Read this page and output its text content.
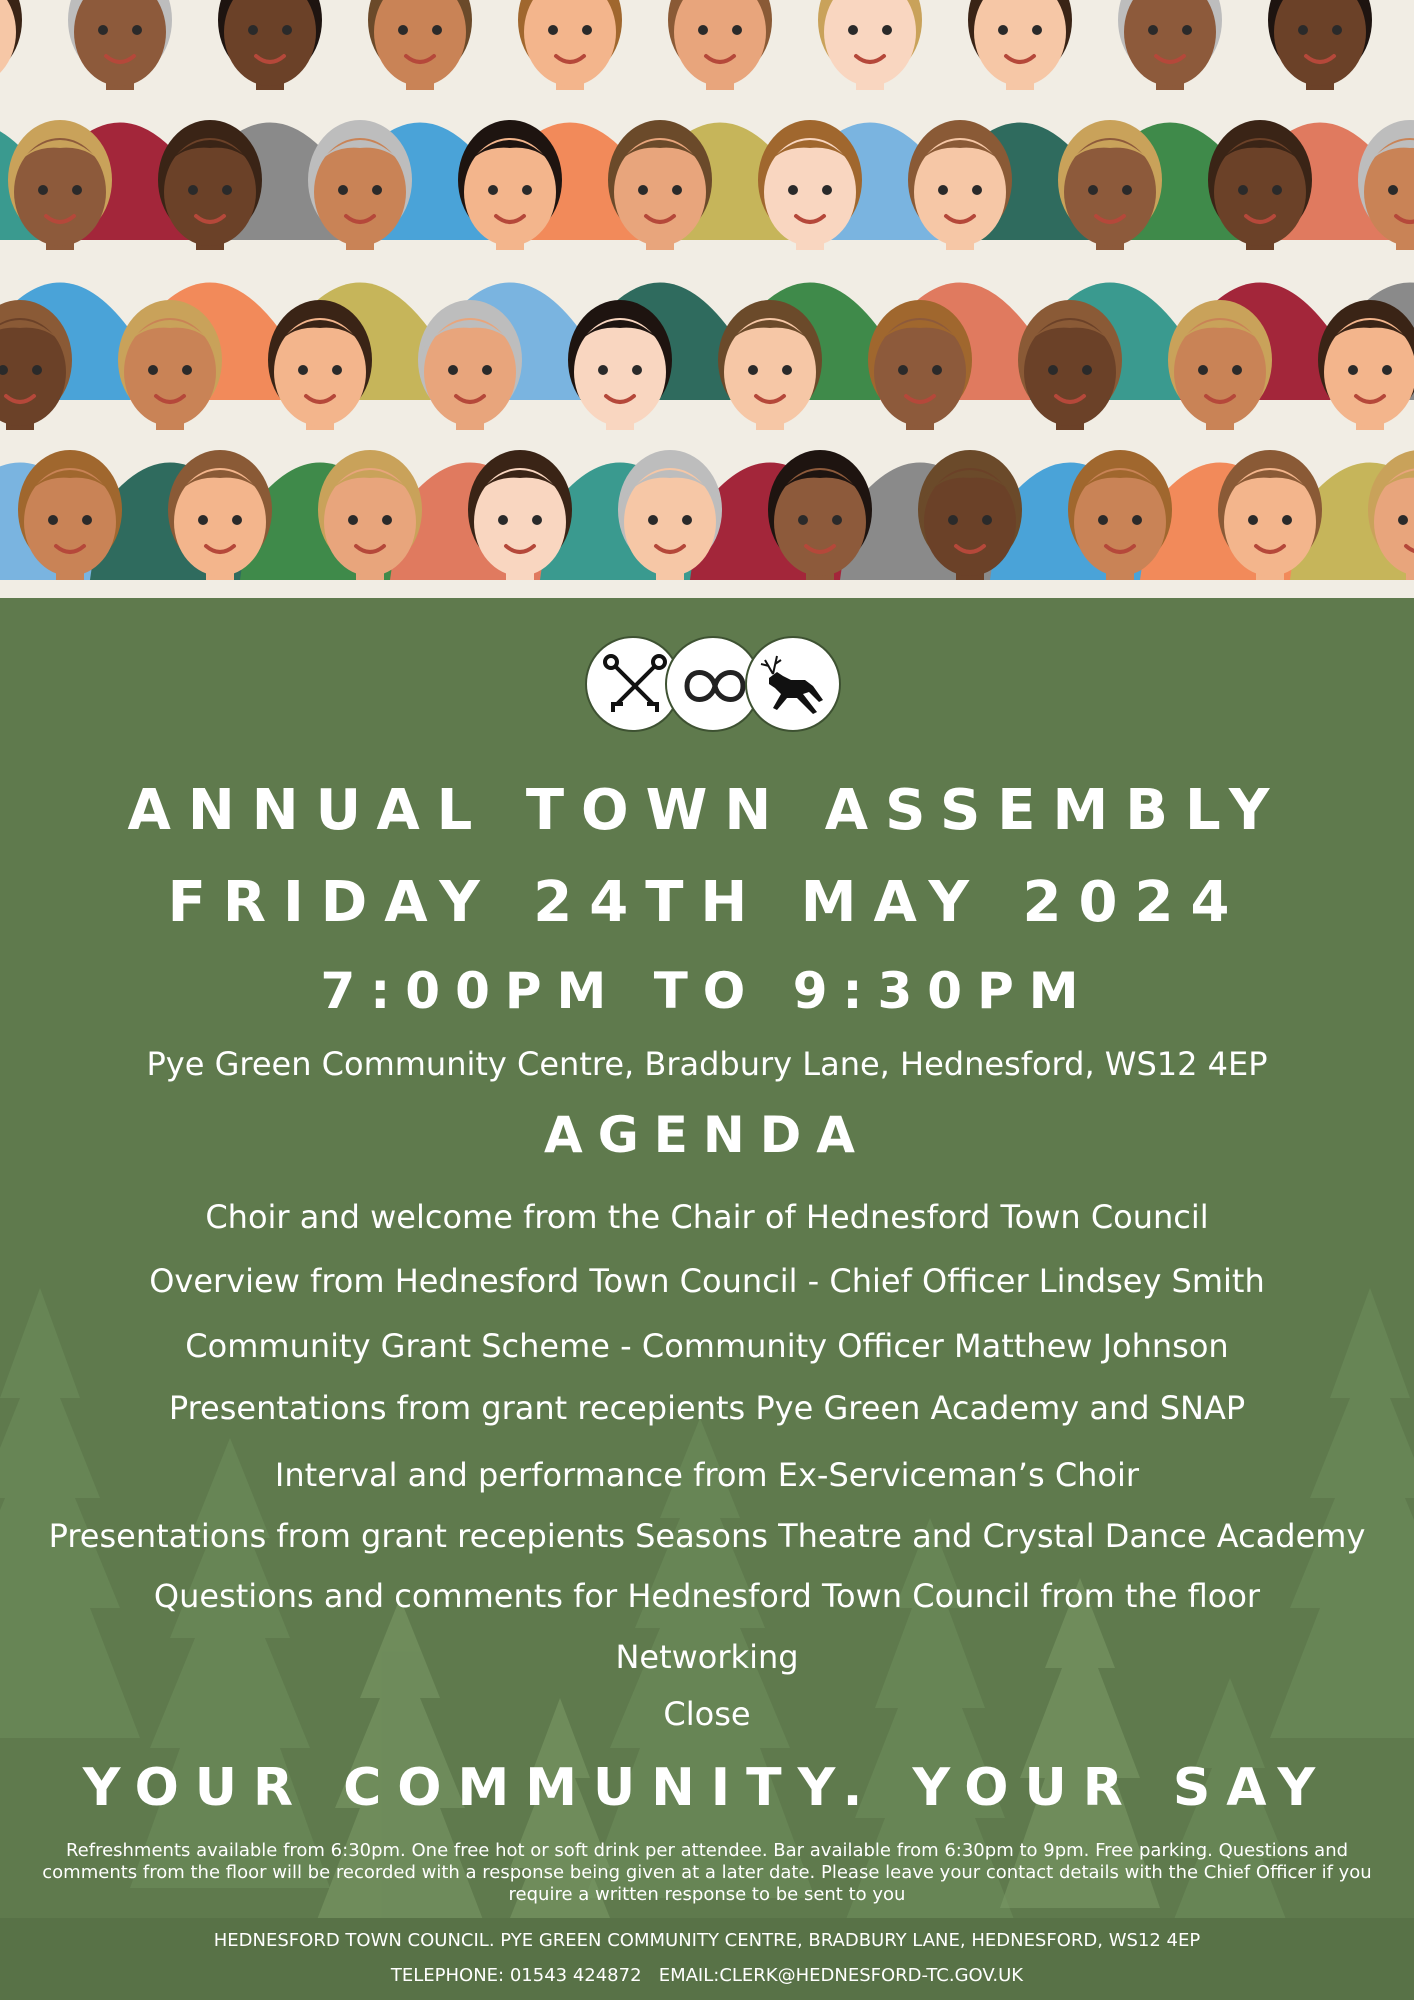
ANNUAL TOWN ASSEMBLY
FRIDAY 24TH MAY 2024
7:00PM TO 9:30PM
Pye Green Community Centre, Bradbury Lane, Hednesford, WS12 4EP
AGENDA
Choir and welcome from the Chair of Hednesford Town Council
Overview from Hednesford Town Council - Chief Officer Lindsey Smith
Community Grant Scheme - Community Officer Matthew Johnson
Presentations from grant recepients Pye Green Academy and SNAP
Interval and performance from Ex-Serviceman’s Choir
Presentations from grant recepients Seasons Theatre and Crystal Dance Academy
Questions and comments for Hednesford Town Council from the floor
Networking
Close
YOUR COMMUNITY. YOUR SAY
Refreshments available from 6:30pm. One free hot or soft drink per attendee. Bar available from 6:30pm to 9pm. Free parking. Questions and comments from the floor will be recorded with a response being given at a later date. Please leave your contact details with the Chief Officer if you require a written response to be sent to you
HEDNESFORD TOWN COUNCIL. PYE GREEN COMMUNITY CENTRE, BRADBURY LANE, HEDNESFORD, WS12 4EP
TELEPHONE: 01543 424872   EMAIL:CLERK@HEDNESFORD-TC.GOV.UK
